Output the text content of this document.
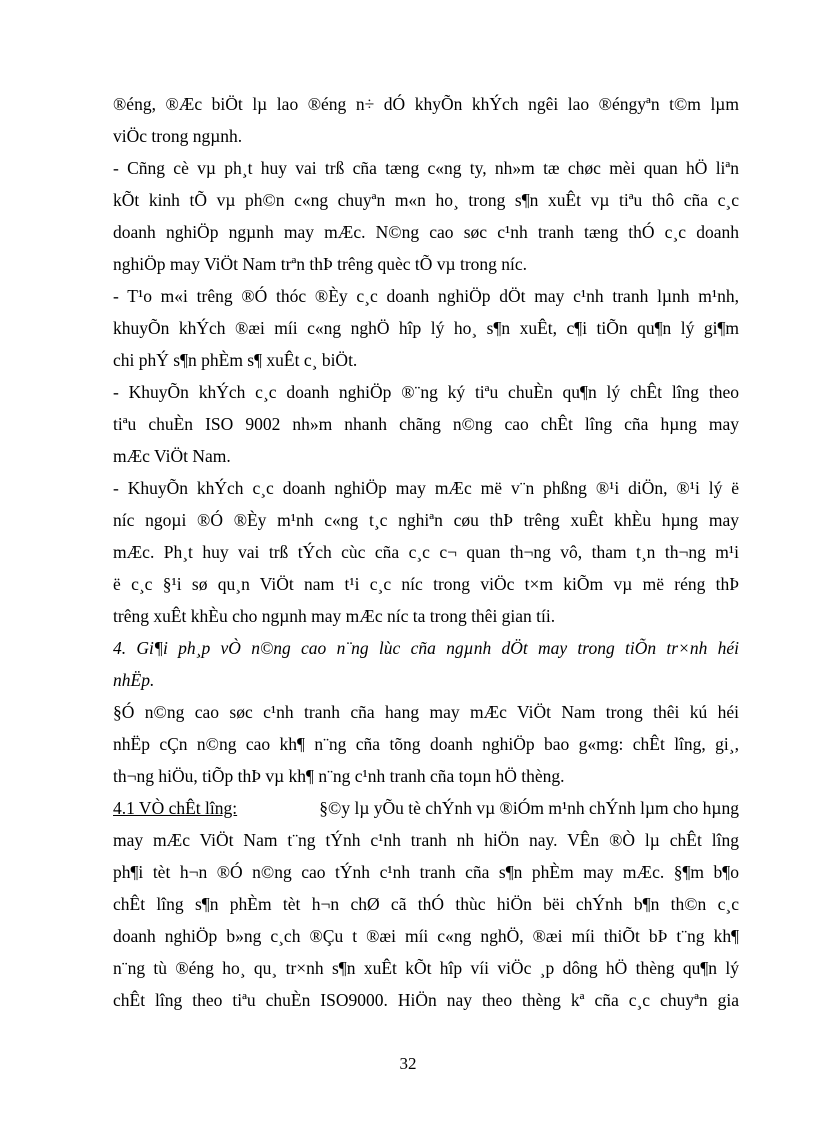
®éng, ®Æc biÖt lµ lao ®éng n÷ dÓ khyÕn khÝch ngêi lao ®éngyªn t©m lµm
viÖc trong ngµnh.
- Cñng cè vµ ph¸t huy vai trß cña tæng c«ng ty, nh»m tæ chøc mèi quan hÖ liªn
kÕt kinh tÕ vµ ph©n c«ng chuyªn m«n ho¸ trong s¶n xuÊt vµ tiªu thô cña c¸c
doanh nghiÖp ngµnh may mÆc. N©ng cao søc c¹nh tranh tæng thÓ c¸c doanh
nghiÖp may ViÖt Nam trªn thÞ trêng quèc tÕ vµ trong níc.
- T¹o m«i trêng ®Ó thóc ®Èy c¸c doanh nghiÖp dÖt may c¹nh tranh lµnh m¹nh,
khuyÕn khÝch ®æi míi c«ng nghÖ hîp lý ho¸ s¶n xuÊt, c¶i tiÕn qu¶n lý gi¶m
chi phÝ s¶n phÈm s¶ xuÊt c¸ biÖt.
- KhuyÕn khÝch c¸c doanh nghiÖp ®¨ng ký tiªu chuÈn qu¶n lý chÊt lîng theo
tiªu chuÈn ISO 9002 nh»m nhanh chãng n©ng cao chÊt lîng cña hµng may
mÆc ViÖt Nam.
- KhuyÕn khÝch c¸c doanh nghiÖp may mÆc më v¨n phßng ®¹i diÖn, ®¹i lý ë
níc ngoµi ®Ó ®Èy m¹nh c«ng t¸c nghiªn cøu thÞ trêng xuÊt khÈu hµng may
mÆc. Ph¸t huy vai trß tÝch cùc cña c¸c c¬ quan th¬ng vô, tham t¸n th¬ng m¹i
ë c¸c §¹i sø qu¸n ViÖt nam t¹i c¸c níc trong viÖc t×m kiÕm vµ më réng thÞ
trêng xuÊt khÈu cho ngµnh may mÆc níc ta trong thêi gian tíi.
4. Gi¶i ph¸p vÒ n©ng cao n¨ng lùc cña ngµnh dÖt may trong tiÕn tr×nh héi
nhËp.
§Ó n©ng cao søc c¹nh tranh cña hang may mÆc ViÖt Nam trong thêi kú héi
nhËp cÇn n©ng cao kh¶ n¨ng cña tõng doanh nghiÖp bao g«mg: chÊt lîng, gi¸,
th¬ng hiÖu, tiÕp thÞ vµ kh¶ n¨ng c¹nh tranh cña toµn hÖ thèng.
4.1 VÒ chÊt lîng:	§©y lµ yÕu tè chÝnh vµ ®iÓm m¹nh chÝnh lµm cho hµng
may mÆc ViÖt Nam t¨ng tÝnh c¹nh tranh nh hiÖn nay. VÊn ®Ò lµ chÊt lîng
ph¶i tèt h¬n ®Ó n©ng cao tÝnh c¹nh tranh cña s¶n phÈm may mÆc. §¶m b¶o
chÊt lîng s¶n phÈm tèt h¬n chØ cã thÓ thùc hiÖn bëi chÝnh b¶n th©n c¸c
doanh nghiÖp b»ng c¸ch ®Çu t ®æi míi c«ng nghÖ, ®æi míi thiÕt bÞ t¨ng kh¶
n¨ng tù ®éng ho¸ qu¸ tr×nh s¶n xuÊt kÕt hîp víi viÖc ¸p dông hÖ thèng qu¶n lý
chÊt lîng theo tiªu chuÈn ISO9000. HiÖn nay theo thèng kª cña c¸c chuyªn gia
32
